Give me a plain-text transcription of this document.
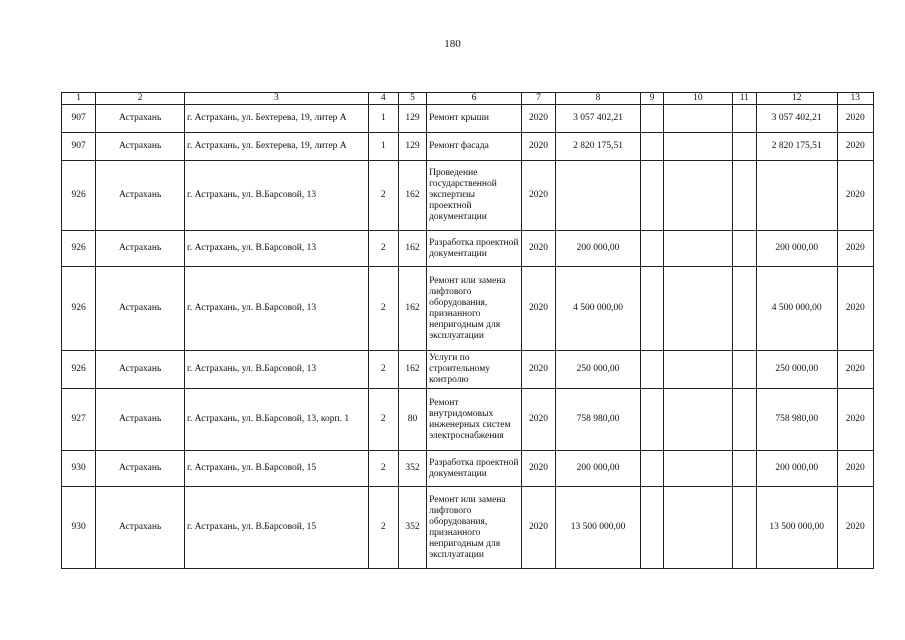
180
1	2	3	4	5	6	7	8	9	10	11	12	13
907	Астрахань	г. Астрахань, ул. Бехтерева, 19, литер А	1	129	Ремонт крыши	2020	3 057 402,21				3 057 402,21	2020
907	Астрахань	г. Астрахань, ул. Бехтерева, 19, литер А	1	129	Ремонт фасада	2020	2 820 175,51				2 820 175,51	2020
926	Астрахань	г. Астрахань, ул. В.Барсовой, 13	2	162	Проведение государственной экспертизы проектной документации	2020						2020
926	Астрахань	г. Астрахань, ул. В.Барсовой, 13	2	162	Разработка проектной документации	2020	200 000,00				200 000,00	2020
926	Астрахань	г. Астрахань, ул. В.Барсовой, 13	2	162	Ремонт или замена лифтового оборудования, признанного непригодным для эксплуатации	2020	4 500 000,00				4 500 000,00	2020
926	Астрахань	г. Астрахань, ул. В.Барсовой, 13	2	162	Услуги по строительному контролю	2020	250 000,00				250 000,00	2020
927	Астрахань	г. Астрахань, ул. В.Барсовой, 13, корп. 1	2	80	Ремонт внутридомовых инженерных систем электроснабжения	2020	758 980,00				758 980,00	2020
930	Астрахань	г. Астрахань, ул. В.Барсовой, 15	2	352	Разработка проектной документации	2020	200 000,00				200 000,00	2020
930	Астрахань	г. Астрахань, ул. В.Барсовой, 15	2	352	Ремонт или замена лифтового оборудования, признанного непригодным для эксплуатации	2020	13 500 000,00				13 500 000,00	2020
